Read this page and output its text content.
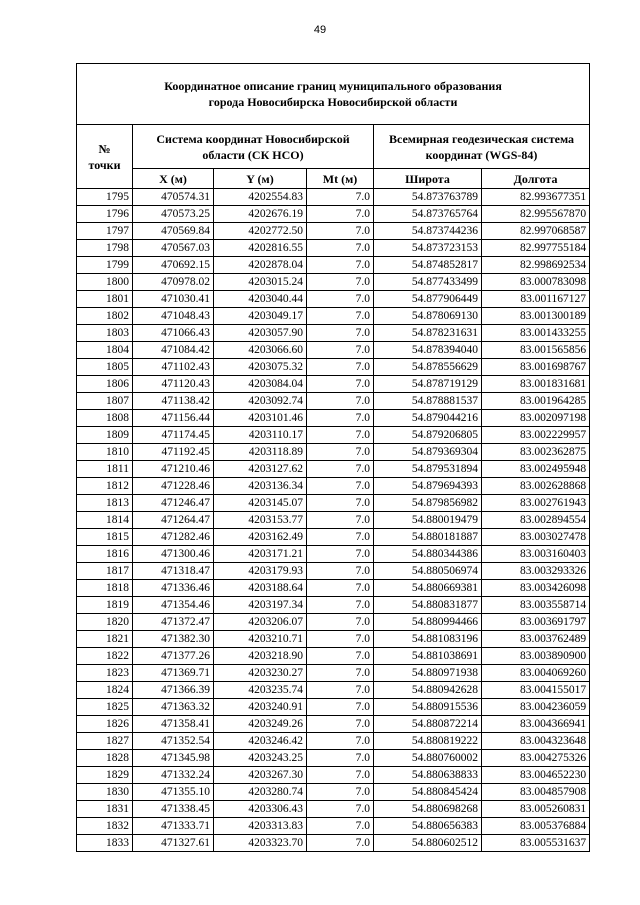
49
Координатное описание границ муниципального образования
города Новосибирска Новосибирской области					

№
точки	Система координат Новосибирской
области (СК НСО)			Всемирная геодезическая система
координат (WGS-84)	

	X (м)	Y (м)	Mt (м)	Широта	Долгота
1795	470574.31	4202554.83	7.0	54.873763789	82.993677351
1796	470573.25	4202676.19	7.0	54.873765764	82.995567870
1797	470569.84	4202772.50	7.0	54.873744236	82.997068587
1798	470567.03	4202816.55	7.0	54.873723153	82.997755184
1799	470692.15	4202878.04	7.0	54.874852817	82.998692534
1800	470978.02	4203015.24	7.0	54.877433499	83.000783098
1801	471030.41	4203040.44	7.0	54.877906449	83.001167127
1802	471048.43	4203049.17	7.0	54.878069130	83.001300189
1803	471066.43	4203057.90	7.0	54.878231631	83.001433255
1804	471084.42	4203066.60	7.0	54.878394040	83.001565856
1805	471102.43	4203075.32	7.0	54.878556629	83.001698767
1806	471120.43	4203084.04	7.0	54.878719129	83.001831681
1807	471138.42	4203092.74	7.0	54.878881537	83.001964285
1808	471156.44	4203101.46	7.0	54.879044216	83.002097198
1809	471174.45	4203110.17	7.0	54.879206805	83.002229957
1810	471192.45	4203118.89	7.0	54.879369304	83.002362875
1811	471210.46	4203127.62	7.0	54.879531894	83.002495948
1812	471228.46	4203136.34	7.0	54.879694393	83.002628868
1813	471246.47	4203145.07	7.0	54.879856982	83.002761943
1814	471264.47	4203153.77	7.0	54.880019479	83.002894554
1815	471282.46	4203162.49	7.0	54.880181887	83.003027478
1816	471300.46	4203171.21	7.0	54.880344386	83.003160403
1817	471318.47	4203179.93	7.0	54.880506974	83.003293326
1818	471336.46	4203188.64	7.0	54.880669381	83.003426098
1819	471354.46	4203197.34	7.0	54.880831877	83.003558714
1820	471372.47	4203206.07	7.0	54.880994466	83.003691797
1821	471382.30	4203210.71	7.0	54.881083196	83.003762489
1822	471377.26	4203218.90	7.0	54.881038691	83.003890900
1823	471369.71	4203230.27	7.0	54.880971938	83.004069260
1824	471366.39	4203235.74	7.0	54.880942628	83.004155017
1825	471363.32	4203240.91	7.0	54.880915536	83.004236059
1826	471358.41	4203249.26	7.0	54.880872214	83.004366941
1827	471352.54	4203246.42	7.0	54.880819222	83.004323648
1828	471345.98	4203243.25	7.0	54.880760002	83.004275326
1829	471332.24	4203267.30	7.0	54.880638833	83.004652230
1830	471355.10	4203280.74	7.0	54.880845424	83.004857908
1831	471338.45	4203306.43	7.0	54.880698268	83.005260831
1832	471333.71	4203313.83	7.0	54.880656383	83.005376884
1833	471327.61	4203323.70	7.0	54.880602512	83.005531637
